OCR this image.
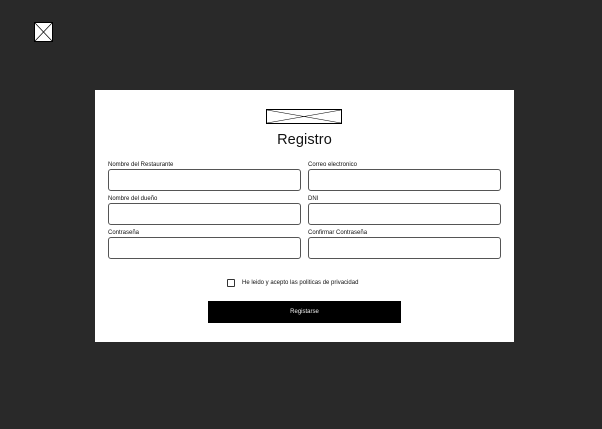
Registro
Nombre del Restaurante	Correo electronico
Nombre del dueño	DNI
Contraseña	Confirmar Contraseña
He leido y acepto las politicas de privacidad
Registarse
